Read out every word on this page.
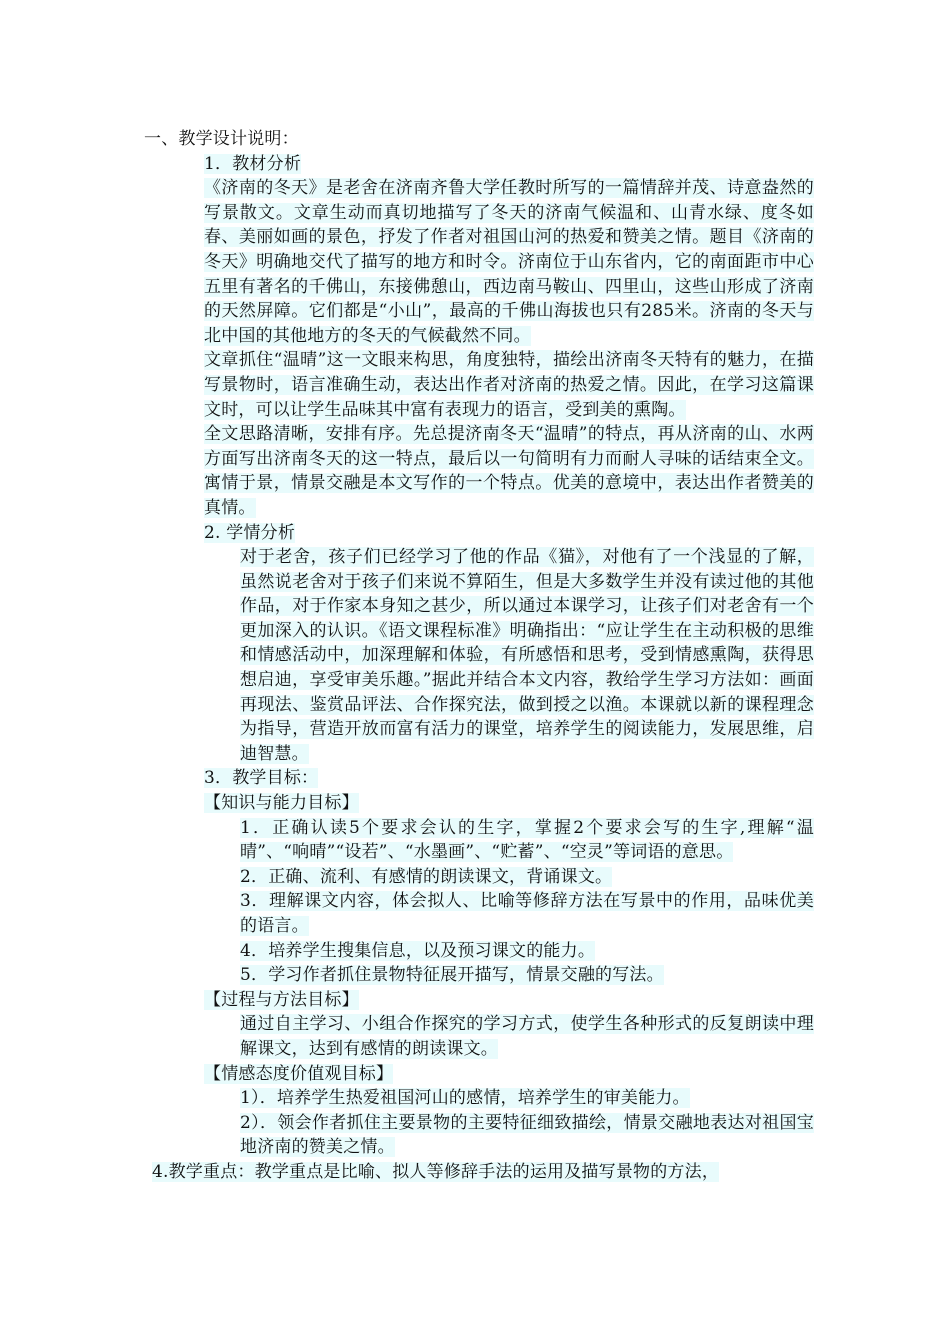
一、教学设计说明：

1．教材分析

《济南的冬天》是老舍在济南齐鲁大学任教时所写的一篇情辞并茂、诗意盎然的写景散文。文章生动而真切地描写了冬天的济南气候温和、山青水绿、度冬如春、美丽如画的景色，抒发了作者对祖国山河的热爱和赞美之情。题目《济南的冬天》明确地交代了描写的地方和时令。济南位于山东省内，它的南面距市中心五里有著名的千佛山，东接佛憩山，西边南马鞍山、四里山，这些山形成了济南的天然屏障。它们都是“小山”，最高的千佛山海拔也只有285米。济南的冬天与北中国的其他地方的冬天的气候截然不同。

文章抓住“温晴”这一文眼来构思，角度独特，描绘出济南冬天特有的魅力，在描写景物时，语言准确生动，表达出作者对济南的热爱之情。因此，在学习这篇课文时，可以让学生品味其中富有表现力的语言，受到美的熏陶。

全文思路清晰，安排有序。先总提济南冬天“温晴”的特点，再从济南的山、水两方面写出济南冬天的这一特点，最后以一句简明有力而耐人寻味的话结束全文。寓情于景，情景交融是本文写作的一个特点。优美的意境中，表达出作者赞美的真情。

2. 学情分析

对于老舍，孩子们已经学习了他的作品《猫》，对他有了一个浅显的了解，虽然说老舍对于孩子们来说不算陌生，但是大多数学生并没有读过他的其他作品，对于作家本身知之甚少，所以通过本课学习，让孩子们对老舍有一个更加深入的认识。《语文课程标准》明确指出：“应让学生在主动积极的思维和情感活动中，加深理解和体验，有所感悟和思考，受到情感熏陶，获得思想启迪，享受审美乐趣。”据此并结合本文内容，教给学生学习方法如：画面再现法、鉴赏品评法、合作探究法，做到授之以渔。本课就以新的课程理念为指导，营造开放而富有活力的课堂，培养学生的阅读能力，发展思维，启迪智慧。

3．教学目标：

【知识与能力目标】

1．正确认读5个要求会认的生字，掌握2个要求会写的生字,理解“温晴”、“响晴”“设若”、“水墨画”、“贮蓄”、“空灵”等词语的意思。

2．正确、流利、有感情的朗读课文，背诵课文。

3．理解课文内容，体会拟人、比喻等修辞方法在写景中的作用，品味优美的语言。

4．培养学生搜集信息，以及预习课文的能力。

5．学习作者抓住景物特征展开描写，情景交融的写法。

【过程与方法目标】

通过自主学习、小组合作探究的学习方式，使学生各种形式的反复朗读中理解课文，达到有感情的朗读课文。

【情感态度价值观目标】

1）．培养学生热爱祖国河山的感情，培养学生的审美能力。

2）．领会作者抓住主要景物的主要特征细致描绘，情景交融地表达对祖国宝地济南的赞美之情。

4.教学重点：教学重点是比喻、拟人等修辞手法的运用及描写景物的方法，
